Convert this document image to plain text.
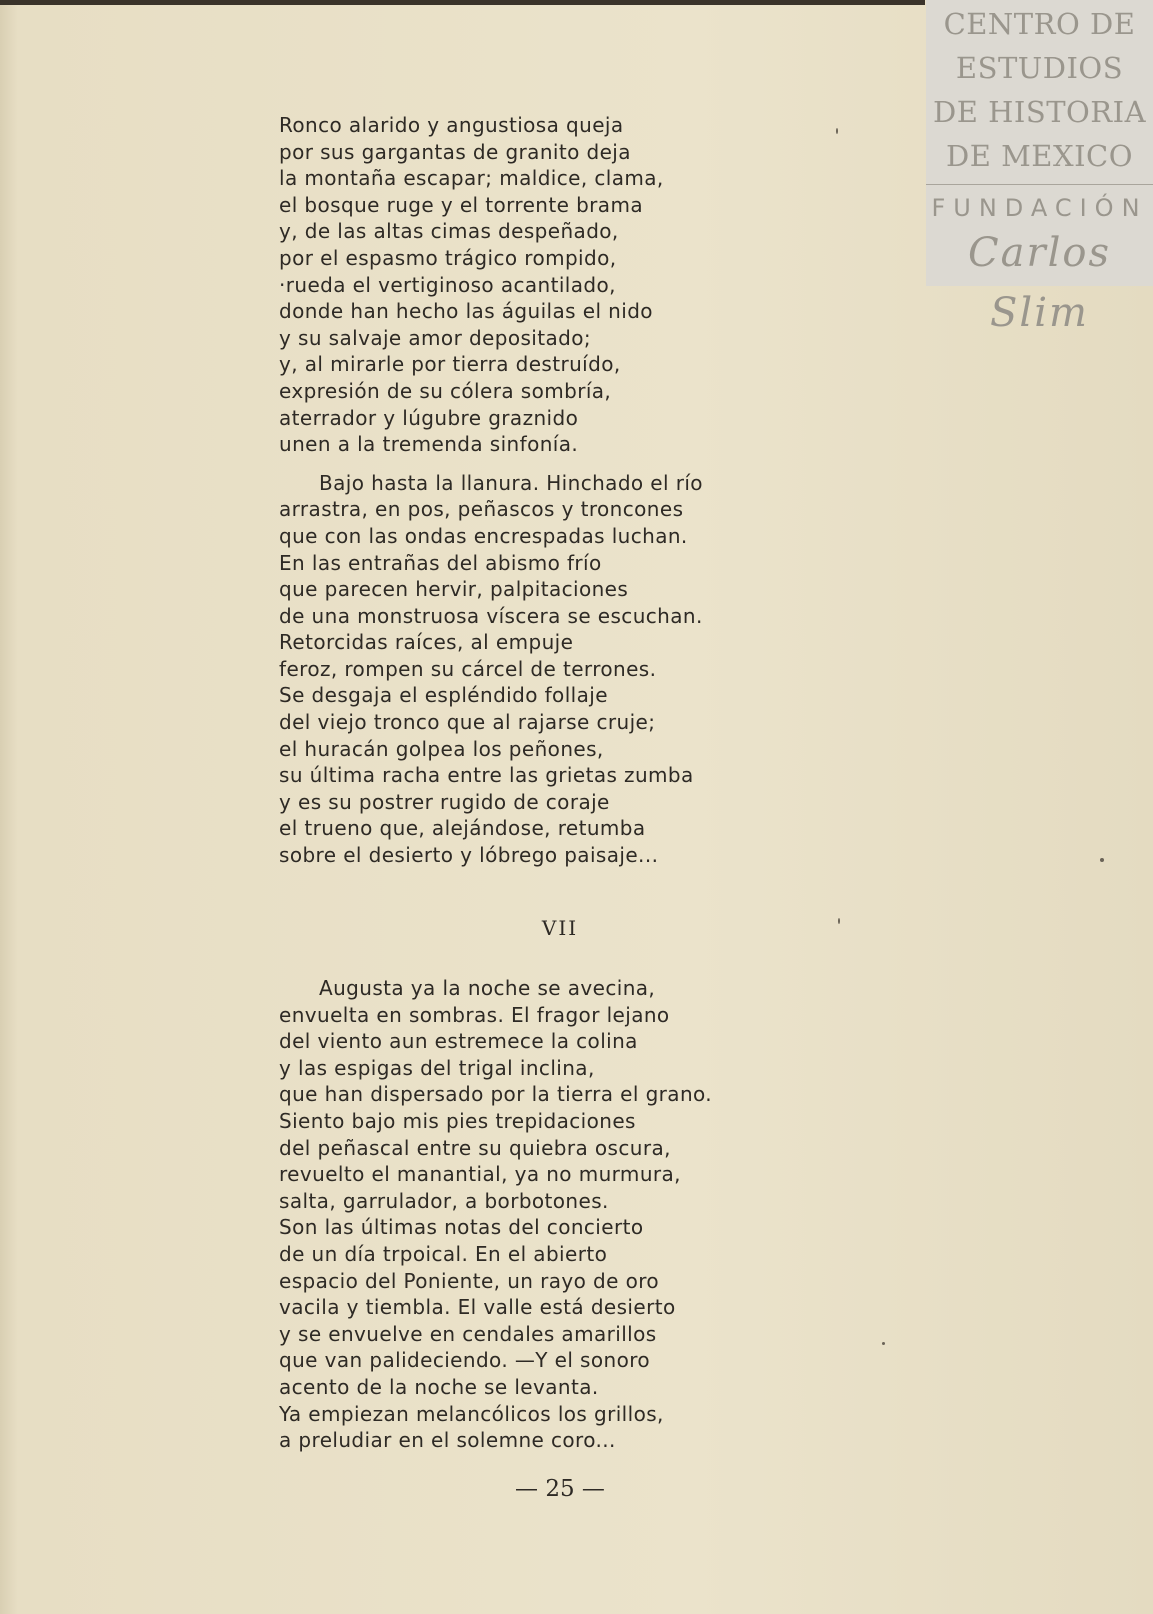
CENTRO DE
ESTUDIOS
DE HISTORIA
DE MEXICO
FUNDACIÓN
Carlos Slim
Ronco alarido y angustiosa queja
por sus gargantas de granito deja
la montaña escapar; maldice, clama,
el bosque ruge y el torrente brama
y, de las altas cimas despeñado,
por el espasmo trágico rompido,
·rueda el vertiginoso acantilado,
donde han hecho las águilas el nido
y su salvaje amor depositado;
y, al mirarle por tierra destruído,
expresión de su cólera sombría,
aterrador y lúgubre graznido
unen a la tremenda sinfonía.
Bajo hasta la llanura. Hinchado el río
arrastra, en pos, peñascos y troncones
que con las ondas encrespadas luchan.
En las entrañas del abismo frío
que parecen hervir, palpitaciones
de una monstruosa víscera se escuchan.
Retorcidas raíces, al empuje
feroz, rompen su cárcel de terrones.
Se desgaja el espléndido follaje
del viejo tronco que al rajarse cruje;
el huracán golpea los peñones,
su última racha entre las grietas zumba
y es su postrer rugido de coraje
el trueno que, alejándose, retumba
sobre el desierto y lóbrego paisaje...
VII
Augusta ya la noche se avecina,
envuelta en sombras. El fragor lejano
del viento aun estremece la colina
y las espigas del trigal inclina,
que han dispersado por la tierra el grano.
Siento bajo mis pies trepidaciones
del peñascal entre su quiebra oscura,
revuelto el manantial, ya no murmura,
salta, garrulador, a borbotones.
Son las últimas notas del concierto
de un día trpoical. En el abierto
espacio del Poniente, un rayo de oro
vacila y tiembla. El valle está desierto
y se envuelve en cendales amarillos
que van palideciendo. —Y el sonoro
acento de la noche se levanta.
Ya empiezan melancólicos los grillos,
a preludiar en el solemne coro...
— 25 —
